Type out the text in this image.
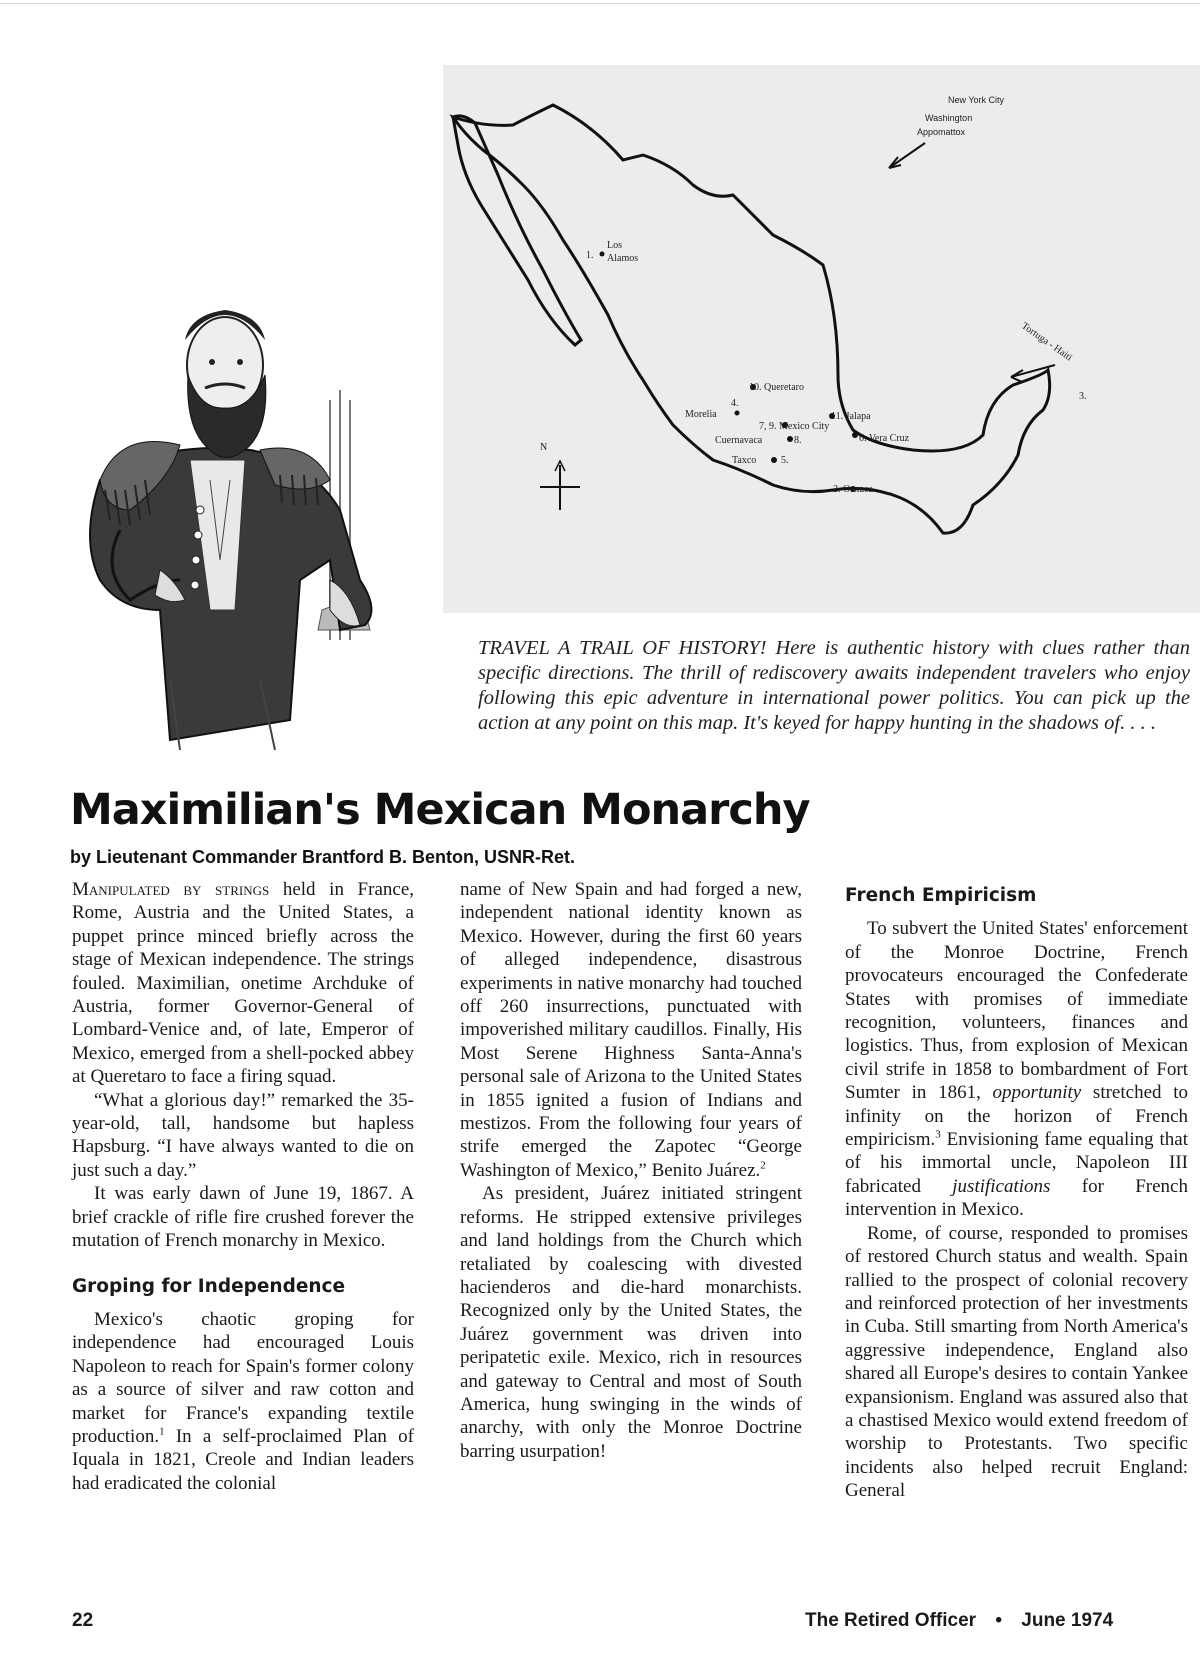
New York City
Washington
Appomattox
1.
Los
Alamos
10. Queretaro
4.
Morelia
7, 9. Mexico City
11. Jalapa
6. Vera Cruz
Cuernavaca	8.
Taxco 5.
2. Oaxaca
Tortuga - Haiti
3.
N
TRAVEL A TRAIL OF HISTORY! Here is authentic history with clues rather than specific directions. The thrill of rediscovery awaits independent travelers who enjoy following this epic adventure in international power politics. You can pick up the action at any point on this map. It's keyed for happy hunting in the shadows of. . . .
Maximilian's Mexican Monarchy
by Lieutenant Commander Brantford B. Benton, USNR-Ret.

Manipulated by strings held in France, Rome, Austria and the United States, a puppet prince minced briefly across the stage of Mexican independence. The strings fouled. Maximilian, onetime Archduke of Austria, former Governor-General of Lombard-Venice and, of late, Emperor of Mexico, emerged from a shell-pocked abbey at Queretaro to face a firing squad.

“What a glorious day!” remarked the 35-year-old, tall, handsome but hapless Hapsburg. “I have always wanted to die on just such a day.”

It was early dawn of June 19, 1867. A brief crackle of rifle fire crushed forever the mutation of French monarchy in Mexico.

Groping for Independence

Mexico's chaotic groping for independence had encouraged Louis Napoleon to reach for Spain's former colony as a source of silver and raw cotton and market for France's expanding textile production.$^1$ In a self-proclaimed Plan of Iquala in 1821, Creole and Indian leaders had eradicated the colonial

name of New Spain and had forged a new, independent national identity known as Mexico. However, during the first 60 years of alleged independence, disastrous experiments in native monarchy had touched off 260 insurrections, punctuated with impoverished military caudillos. Finally, His Most Serene Highness Santa-Anna's personal sale of Arizona to the United States in 1855 ignited a fusion of Indians and mestizos. From the following four years of strife emerged the Zapotec “George Washington of Mexico,” Benito Juárez.$^2$

As president, Juárez initiated stringent reforms. He stripped extensive privileges and land holdings from the Church which retaliated by coalescing with divested hacienderos and die-hard monarchists. Recognized only by the United States, the Juárez government was driven into peripatetic exile. Mexico, rich in resources and gateway to Central and most of South America, hung swinging in the winds of anarchy, with only the Monroe Doctrine barring usurpation!

French Empiricism

To subvert the United States' enforcement of the Monroe Doctrine, French provocateurs encouraged the Confederate States with promises of immediate recognition, volunteers, finances and logistics. Thus, from explosion of Mexican civil strife in 1858 to bombardment of Fort Sumter in 1861, opportunity stretched to infinity on the horizon of French empiricism.$^3$ Envisioning fame equaling that of his immortal uncle, Napoleon III fabricated justifications for French intervention in Mexico.

Rome, of course, responded to promises of restored Church status and wealth. Spain rallied to the prospect of colonial recovery and reinforced protection of her investments in Cuba. Still smarting from North America's aggressive independence, England also shared all Europe's desires to contain Yankee expansionism. England was assured also that a chastised Mexico would extend freedom of worship to Protestants. Two specific incidents also helped recruit England: General

22	The Retired Officer • June 1974
